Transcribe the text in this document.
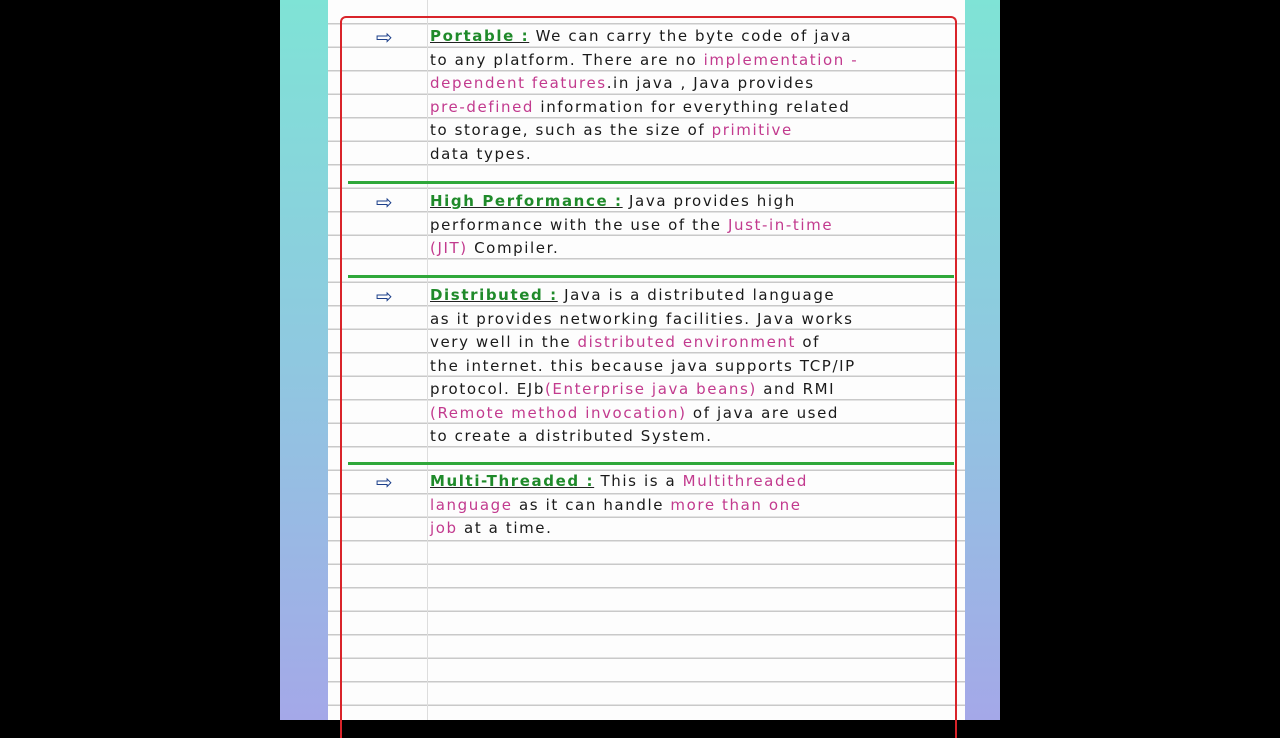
⇨	Portable : We can carry the byte code of java
to any platform. There are no implementation -
dependent features.in java , Java provides
pre-defined information for everything related
to storage, such as the size of primitive
data types.
⇨	High Performance : Java provides high
performance with the use of the Just-in-time
(JIT) Compiler.
⇨	Distributed : Java is a distributed language
as it provides networking facilities. Java works
very well in the distributed environment of
the internet. this because java supports TCP/IP
protocol. EJb(Enterprise java beans) and RMI
(Remote method invocation) of java are used
to create a distributed System.
⇨	Multi-Threaded : This is a Multithreaded
language as it can handle more than one
job at a time.
